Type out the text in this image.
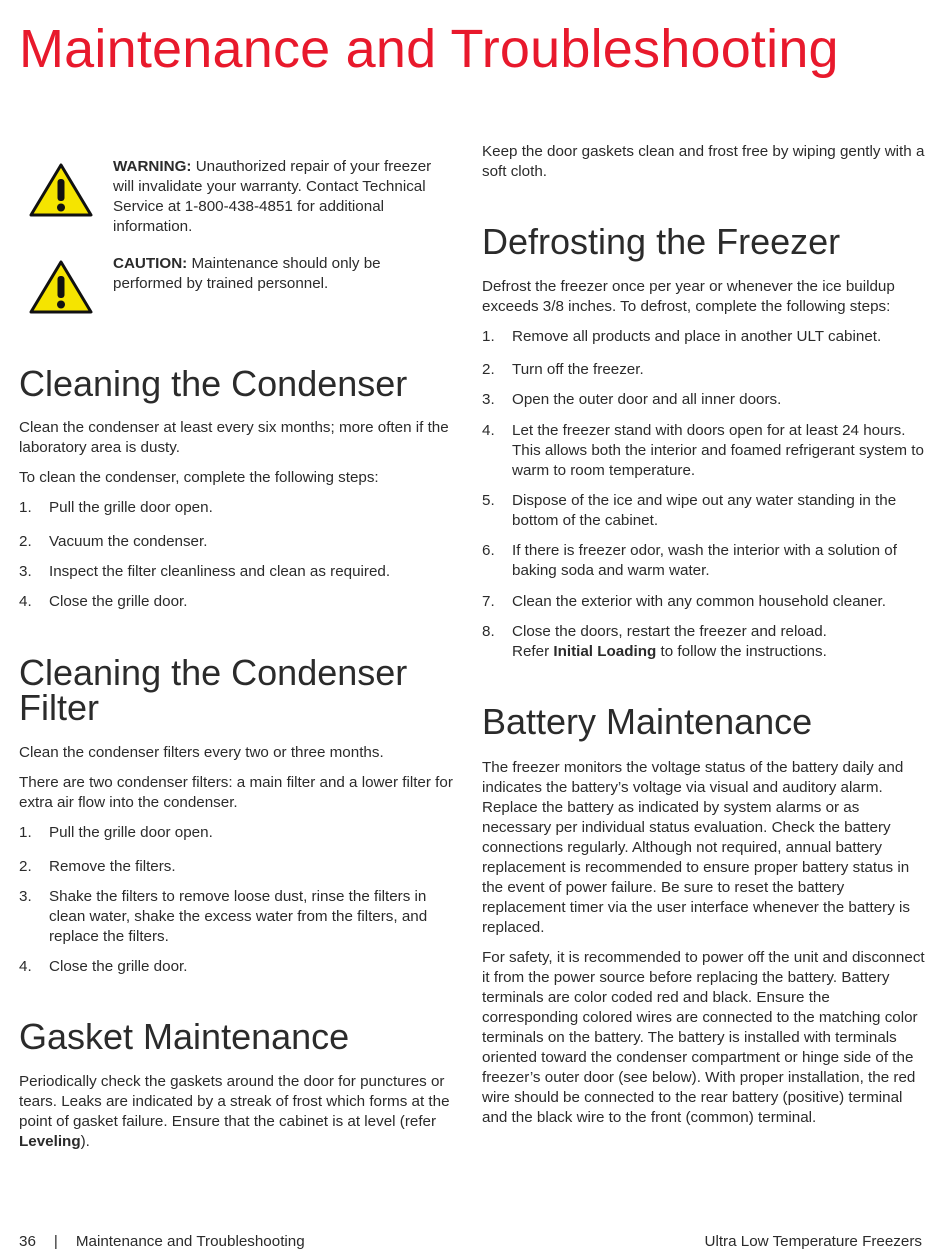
Maintenance and Troubleshooting

WARNING: Unauthorized repair of your freezer will invalidate your warranty. Contact Technical Service at 1-800-438-4851 for additional information.

CAUTION: Maintenance should only be performed by trained personnel.

Cleaning the Condenser

Clean the condenser at least every six months; more often if the laboratory area is dusty.

To clean the condenser, complete the following steps:

1.	Pull the grille door open.
2.	Vacuum the condenser.
3.	Inspect the filter cleanliness and clean as required.
4.	Close the grille door.
Cleaning the Condenser Filter

Clean the condenser filters every two or three months.

There are two condenser filters: a main filter and a lower filter for extra air flow into the condenser.

1.	Pull the grille door open.
2.	Remove the filters.
3.	Shake the filters to remove loose dust, rinse the filters in clean water, shake the excess water from the filters, and replace the filters.
4.	Close the grille door.
Gasket Maintenance

Periodically check the gaskets around the door for punctures or tears. Leaks are indicated by a streak of frost which forms at the point of gasket failure. Ensure that the cabinet is at level (refer Leveling).

Keep the door gaskets clean and frost free by wiping gently with a soft cloth.

Defrosting the Freezer

Defrost the freezer once per year or whenever the ice buildup exceeds 3/8 inches. To defrost, complete the following steps:

1.	Remove all products and place in another ULT cabinet.
2.	Turn off the freezer.
3.	Open the outer door and all inner doors.
4.	Let the freezer stand with doors open for at least 24 hours. This allows both the interior and foamed refrigerant system to warm to room temperature.
5.	Dispose of the ice and wipe out any water standing in the bottom of the cabinet.
6.	If there is freezer odor, wash the interior with a solution of baking soda and warm water.
7.	Clean the exterior with any common household cleaner.
8.	Close the doors, restart the freezer and reload.
Refer Initial Loading to follow the instructions.
Battery Maintenance

The freezer monitors the voltage status of the battery daily and indicates the battery’s voltage via visual and auditory alarm. Replace the battery as indicated by system alarms or as necessary per individual status evaluation. Check the battery connections regularly. Although not required, annual battery replacement is recommended to ensure proper battery status in the event of power failure. Be sure to reset the battery replacement timer via the user interface whenever the battery is replaced.

For safety, it is recommended to power off the unit and disconnect it from the power source before replacing the battery. Battery terminals are color coded red and black. Ensure the corresponding colored wires are connected to the matching color terminals on the battery. The battery is installed with terminals oriented toward the condenser compartment or hinge side of the freezer’s outer door (see below). With proper installation, the red wire should be connected to the rear battery (positive) terminal and the black wire to the front (common) terminal.

36 | Maintenance and Troubleshooting	Ultra Low Temperature Freezers
